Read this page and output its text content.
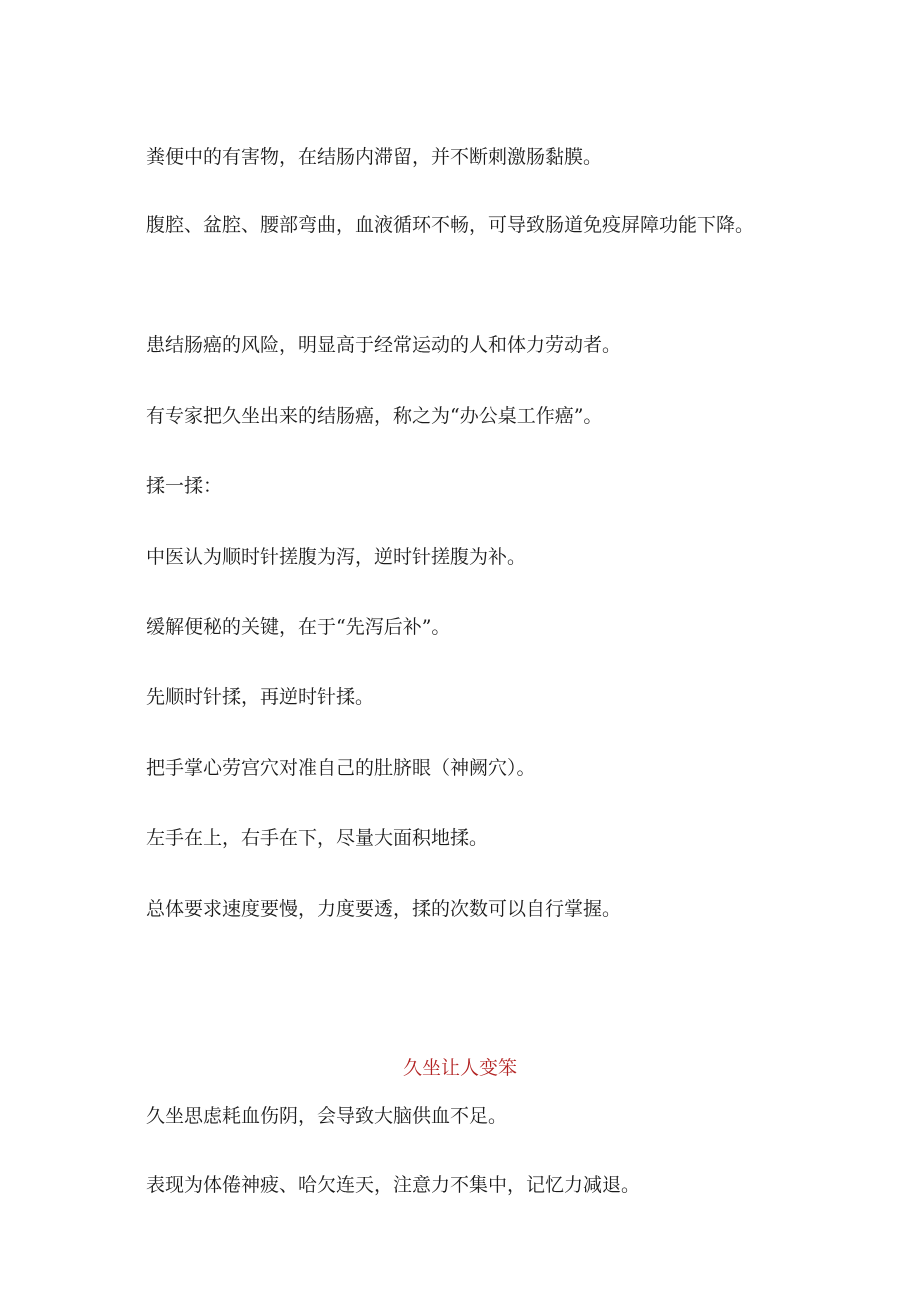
粪便中的有害物，在结肠内滞留，并不断刺激肠黏膜。

腹腔、盆腔、腰部弯曲，血液循环不畅，可导致肠道免疫屏障功能下降。

患结肠癌的风险，明显高于经常运动的人和体力劳动者。

有专家把久坐出来的结肠癌，称之为“办公桌工作癌”。

揉一揉：

中医认为顺时针搓腹为泻，逆时针搓腹为补。

缓解便秘的关键，在于“先泻后补”。

先顺时针揉，再逆时针揉。

把手掌心劳宫穴对准自己的肚脐眼（神阙穴）。

左手在上，右手在下，尽量大面积地揉。

总体要求速度要慢，力度要透，揉的次数可以自行掌握。

久坐让人变笨

久坐思虑耗血伤阴，会导致大脑供血不足。

表现为体倦神疲、哈欠连天，注意力不集中，记忆力减退。
